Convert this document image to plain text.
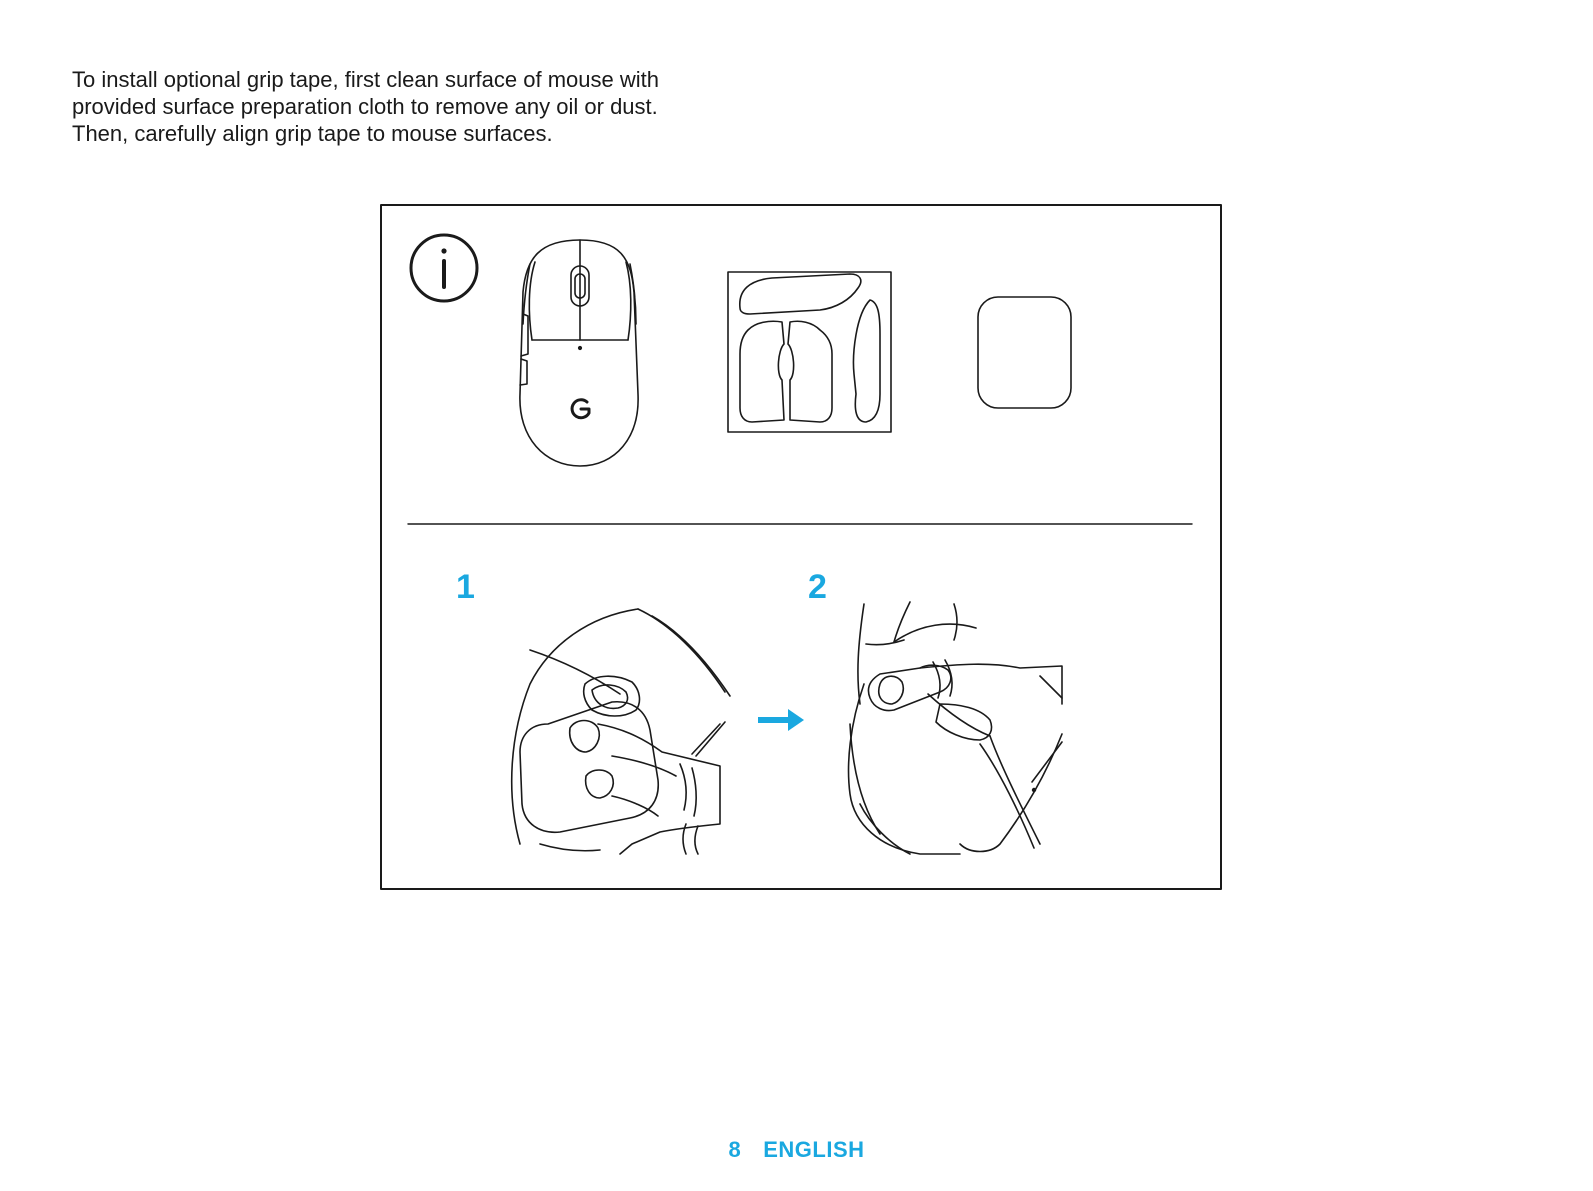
To install optional grip tape, first clean surface of mouse with
provided surface preparation cloth to remove any oil or dust.
Then, carefully align grip tape to mouse surfaces.

1	2
8 ENGLISH
